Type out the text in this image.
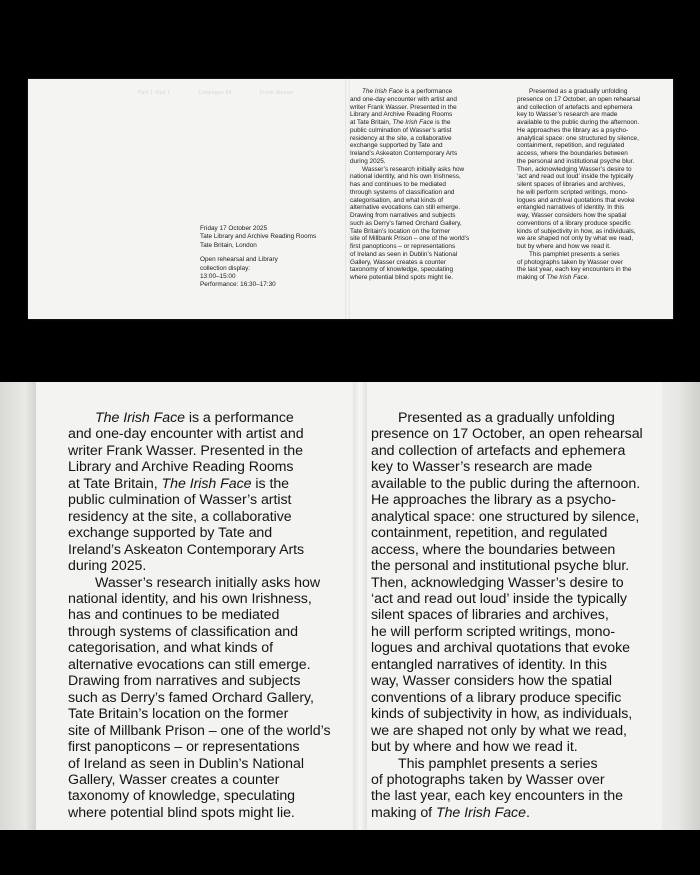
Part 1 Visit 1	Catalogue 04	Frank Wasser
Friday 17 October 2025
Tate Library and Archive Reading Rooms
Tate Britain, London
Open rehearsal and Library
collection display:
13:00–15:00
Performance: 16:30–17:30
The Irish Face is a performance
and one-day encounter with artist and
writer Frank Wasser. Presented in the
Library and Archive Reading Rooms
at Tate Britain, The Irish Face is the
public culmination of Wasser’s artist
residency at the site, a collaborative
exchange supported by Tate and
Ireland’s Askeaton Contemporary Arts
during 2025.
Wasser’s research initially asks how
national identity, and his own Irishness,
has and continues to be mediated
through systems of classification and
categorisation, and what kinds of
alternative evocations can still emerge.
Drawing from narratives and subjects
such as Derry’s famed Orchard Gallery,
Tate Britain’s location on the former
site of Millbank Prison – one of the world’s
first panopticons – or representations
of Ireland as seen in Dublin’s National
Gallery, Wasser creates a counter
taxonomy of knowledge, speculating
where potential blind spots might lie.
Presented as a gradually unfolding
presence on 17 October, an open rehearsal
and collection of artefacts and ephemera
key to Wasser’s research are made
available to the public during the afternoon.
He approaches the library as a psycho-
analytical space: one structured by silence,
containment, repetition, and regulated
access, where the boundaries between
the personal and institutional psyche blur.
Then, acknowledging Wasser’s desire to
‘act and read out loud’ inside the typically
silent spaces of libraries and archives,
he will perform scripted writings, mono-
logues and archival quotations that evoke
entangled narratives of identity. In this
way, Wasser considers how the spatial
conventions of a library produce specific
kinds of subjectivity in how, as individuals,
we are shaped not only by what we read,
but by where and how we read it.
This pamphlet presents a series
of photographs taken by Wasser over
the last year, each key encounters in the
making of The Irish Face.
The Irish Face is a performance
and one-day encounter with artist and
writer Frank Wasser. Presented in the
Library and Archive Reading Rooms
at Tate Britain, The Irish Face is the
public culmination of Wasser’s artist
residency at the site, a collaborative
exchange supported by Tate and
Ireland’s Askeaton Contemporary Arts
during 2025.
Wasser’s research initially asks how
national identity, and his own Irishness,
has and continues to be mediated
through systems of classification and
categorisation, and what kinds of
alternative evocations can still emerge.
Drawing from narratives and subjects
such as Derry’s famed Orchard Gallery,
Tate Britain’s location on the former
site of Millbank Prison – one of the world’s
first panopticons – or representations
of Ireland as seen in Dublin’s National
Gallery, Wasser creates a counter
taxonomy of knowledge, speculating
where potential blind spots might lie.
Presented as a gradually unfolding
presence on 17 October, an open rehearsal
and collection of artefacts and ephemera
key to Wasser’s research are made
available to the public during the afternoon.
He approaches the library as a psycho-
analytical space: one structured by silence,
containment, repetition, and regulated
access, where the boundaries between
the personal and institutional psyche blur.
Then, acknowledging Wasser’s desire to
‘act and read out loud’ inside the typically
silent spaces of libraries and archives,
he will perform scripted writings, mono-
logues and archival quotations that evoke
entangled narratives of identity. In this
way, Wasser considers how the spatial
conventions of a library produce specific
kinds of subjectivity in how, as individuals,
we are shaped not only by what we read,
but by where and how we read it.
This pamphlet presents a series
of photographs taken by Wasser over
the last year, each key encounters in the
making of The Irish Face.
